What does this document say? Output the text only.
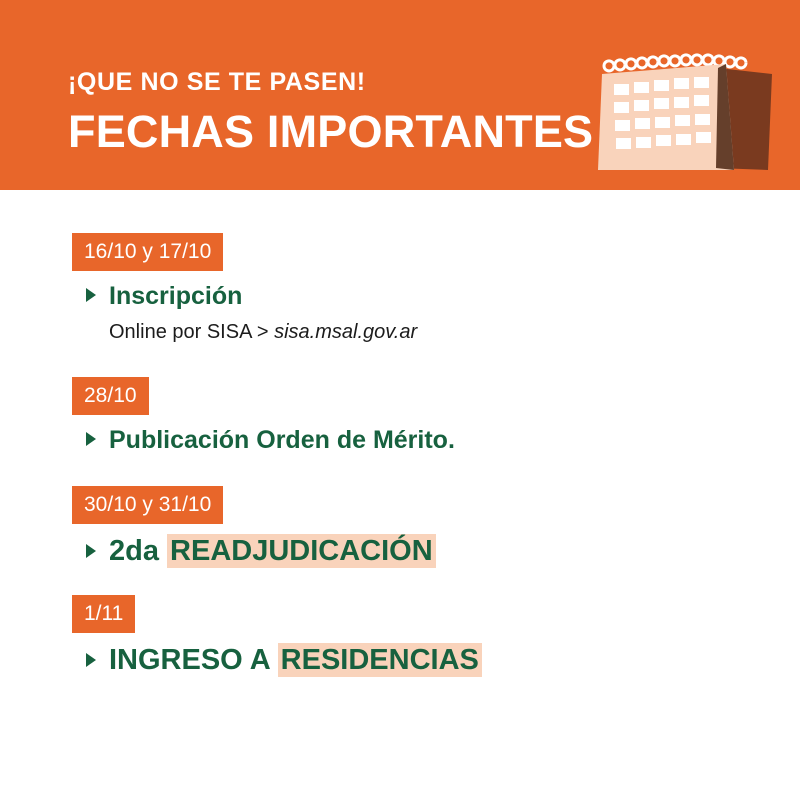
¡QUE NO SE TE PASEN!

FECHAS IMPORTANTES

16/10 y 17/10
Inscripción
Online por SISA > sisa.msal.gov.ar
28/10
Publicación Orden de Mérito.
30/10 y 31/10
2da READJUDICACIÓN
1/11
INGRESO A RESIDENCIAS
